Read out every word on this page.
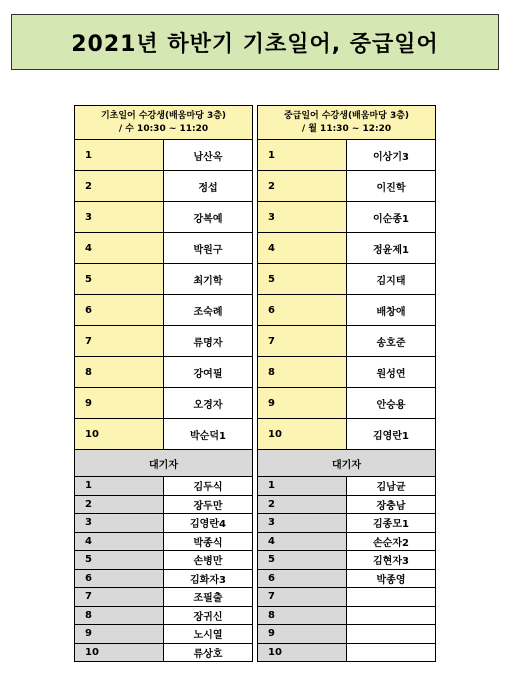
2021년 하반기 기초일어, 중급일어
기초일어 수강생(배움마당 3층)
/ 수 10:30 ~ 11:20	

1	남산옥
2	정섭
3	강복예
4	박원구
5	최기학
6	조숙례
7	류명자
8	강여필
9	오경자
10	박순덕1
대기자	
1	김두식
2	장두만
3	김영란4
4	박종식
5	손병만
6	김화자3
7	조필출
8	장귀신
9	노시열
10	류상호
중급일어 수강생(배움마당 3층)
/ 월 11:30 ~ 12:20	

1	이상기3
2	이진학
3	이순종1
4	정윤제1
5	김지태
6	배창애
7	송호준
8	원성연
9	안승용
10	김영란1
대기자	
1	김남균
2	장충남
3	김종모1
4	손순자2
5	김현자3
6	박종영
7	
8	
9	
10	
